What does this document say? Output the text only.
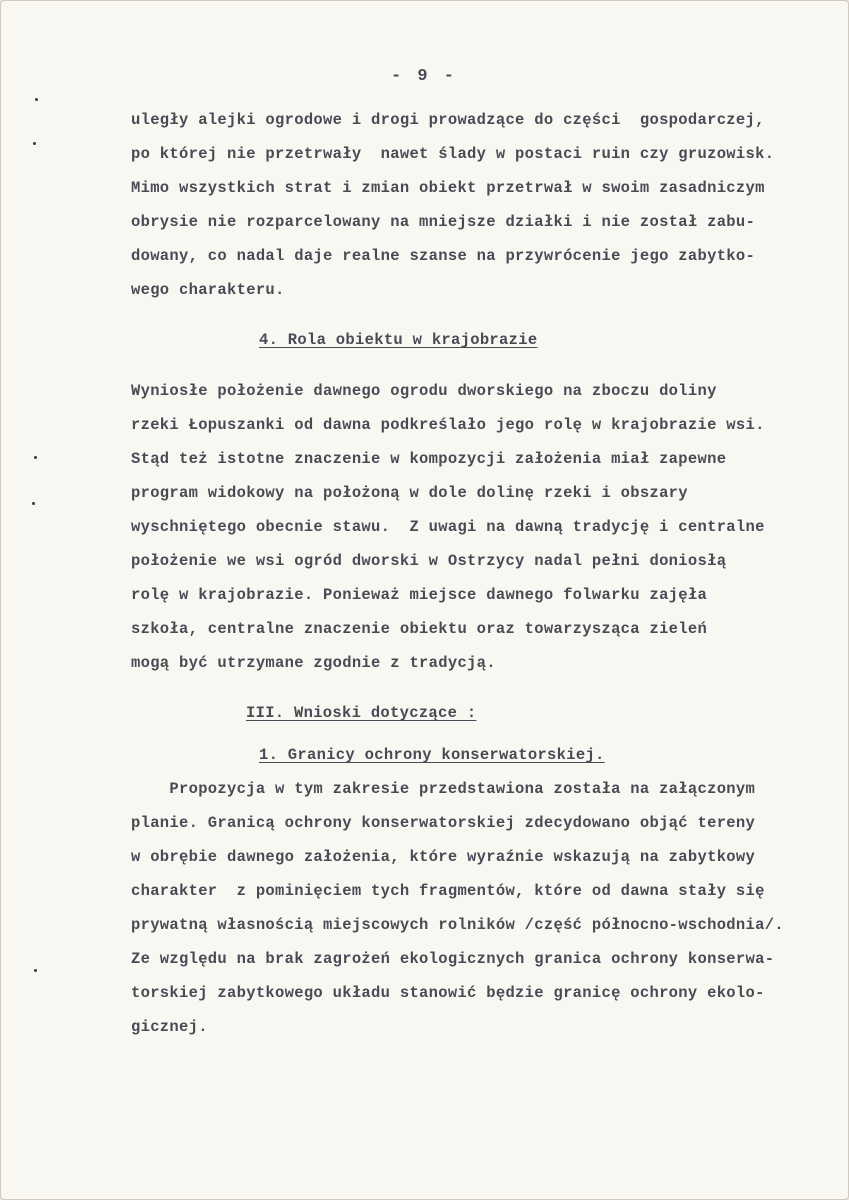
- 9 -
uległy alejki ogrodowe i drogi prowadzące do części  gospodarczej,
po której nie przetrwały  nawet ślady w postaci ruin czy gruzowisk.
Mimo wszystkich strat i zmian obiekt przetrwał w swoim zasadniczym
obrysie nie rozparcelowany na mniejsze działki i nie został zabu-
dowany, co nadal daje realne szanse na przywrócenie jego zabytko-
wego charakteru.
4. Rola obiektu w krajobrazie
Wyniosłe położenie dawnego ogrodu dworskiego na zboczu doliny
rzeki Łopuszanki od dawna podkreślało jego rolę w krajobrazie wsi.
Stąd też istotne znaczenie w kompozycji założenia miał zapewne
program widokowy na położoną w dole dolinę rzeki i obszary
wyschniętego obecnie stawu.  Z uwagi na dawną tradycję i centralne
położenie we wsi ogród dworski w Ostrzycy nadal pełni doniosłą
rolę w krajobrazie. Ponieważ miejsce dawnego folwarku zajęła
szkoła, centralne znaczenie obiektu oraz towarzysząca zieleń
mogą być utrzymane zgodnie z tradycją.
III. Wnioski dotyczące :
1. Granicy ochrony konserwatorskiej.
Propozycja w tym zakresie przedstawiona została na załączonym
planie. Granicą ochrony konserwatorskiej zdecydowano objąć tereny
w obrębie dawnego założenia, które wyraźnie wskazują na zabytkowy
charakter  z pominięciem tych fragmentów, które od dawna stały się
prywatną własnością miejscowych rolników /część północno-wschodnia/.
Ze względu na brak zagrożeń ekologicznych granica ochrony konserwa-
torskiej zabytkowego układu stanowić będzie granicę ochrony ekolo-
gicznej.
